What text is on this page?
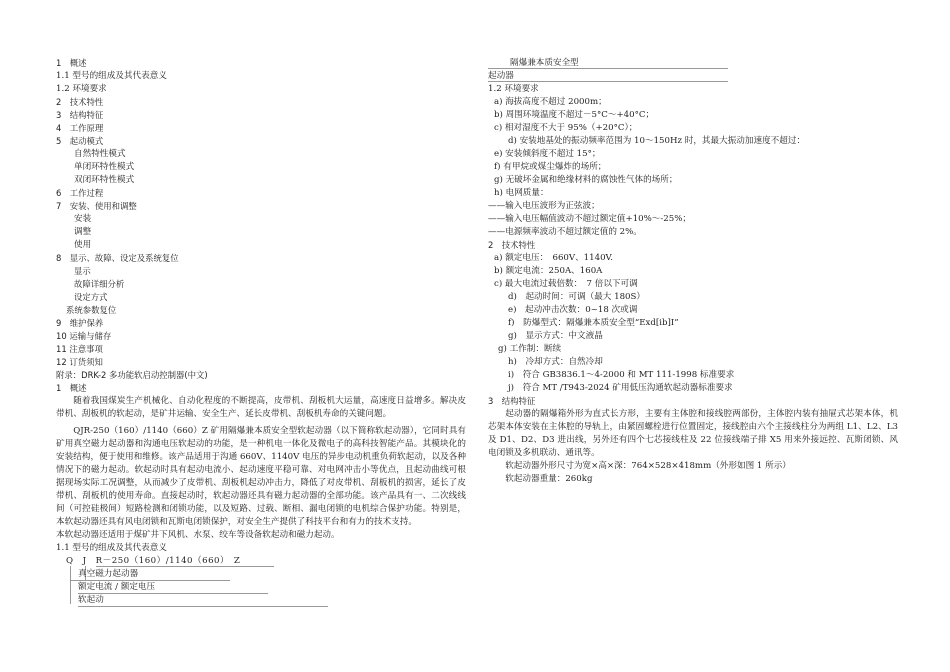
1　概述
1.1 型号的组成及其代表意义
1.2 环境要求
2　技术特性
3　结构特征
4　工作原理
5　起动模式
自然特性模式
单闭环特性模式
双闭环特性模式
6　工作过程
7　安装、使用和调整
安装
调整
使用
8　显示、故障、设定及系统复位
显示
故障详细分析
设定方式
系统参数复位
9　维护保养
10 运输与储存
11 注意事项
12 订货须知
附录：DRK-2 多功能软启动控制器(中文)
1　概述
随着我国煤炭生产机械化、自动化程度的不断提高，皮带机、刮板机大运量，高速度日益增多。解决皮带机、刮板机的软起动，是矿井运输、安全生产、延长皮带机、刮板机寿命的关键问题。
QJR-250（160）/1140（660）Z 矿用隔爆兼本质安全型软起动器（以下简称软起动器），它同时具有矿用真空磁力起动器和沟通电压软起动的功能，是一种机电一体化及微电子的高科技智能产品。其模块化的安装结构，便于使用和维修。该产品适用于沟通 660V、1140V 电压的异步电动机重负荷软起动，以及各种情况下的磁力起动。软起动时具有起动电流小、起动速度平稳可靠、对电网冲击小等优点，且起动曲线可根据现场实际工况调整，从而减少了皮带机、刮板机起动冲击力，降低了对皮带机、刮板机的损害，延长了皮带机、刮板机的使用寿命。直接起动时，软起动器还具有磁力起动器的全部功能。该产品具有一、二次线线间（可控硅极间）短路检测和闭锁功能，以及短路、过载、断相、漏电闭锁的电机综合保护功能。特别是，本软起动器还具有风电闭锁和瓦斯电闭锁保护，对安全生产提供了科技平台和有力的技术支持。
本软起动器还适用于煤矿井下风机、水泵、绞车等设备软起动和磁力起动。
1.1 型号的组成及其代表意义
Q　J　R－250（160）/1140（660）　Z
真空磁力起动器
额定电流 / 额定电压
软起动
隔爆兼本质安全型
起动器
1.2 环境要求
a) 海拔高度不超过 2000m；
b) 周围环境温度不超过－5°C～+40°C；
c) 相对湿度不大于 95%（+20°C）；
d) 安装地基处的振动频率范围为 10～150Hz 时，其最大振动加速度不超过：
e) 安装倾斜度不超过 15°；
f) 有甲烷或煤尘爆炸的场所；
g) 无破坏金属和绝缘材料的腐蚀性气体的场所；
h) 电网质量：
——输入电压波形为正弦波；
——输入电压幅值波动不超过额定值+10%～-25%；
——电源频率波动不超过额定值的 2%。
2　技术特性
a) 额定电压：　660V、1140V.
b) 额定电流：250A、160A
c) 最大电流过载倍数：　7 倍以下可调
d)　起动时间：可调（最大 180S）
e)　起动冲击次数：0~18 次或调
f)　防爆型式：隔爆兼本质安全型“Exd[ib]I”
g)　显示方式：中文液晶
g) 工作制：断续
h)　冷却方式：自然冷却
i)　符合 GB3836.1～4-2000 和 MT 111-1998 标准要求
j)　符合 MT /T943-2024 矿用低压沟通软起动器标准要求
3　结构特征
起动器的隔爆箱外形为直式长方形，主要有主体腔和接线腔两部份，主体腔内装有抽屉式芯架本体，机芯架本体安装在主体腔的导轨上，由紧固螺栓进行位置固定，接线腔由六个主接线柱分为两组 L1、L2、L3 及 D1、D2、D3 进出线，另外还有四个七芯接线柱及 22 位接线端子排 X5 用来外接远控、瓦斯闭锁、风电闭锁及多机联动、通讯等。
软起动器外形尺寸为宽×高×深：764×528×418mm（外形如图 1 所示）
软起动器重量：260kg
